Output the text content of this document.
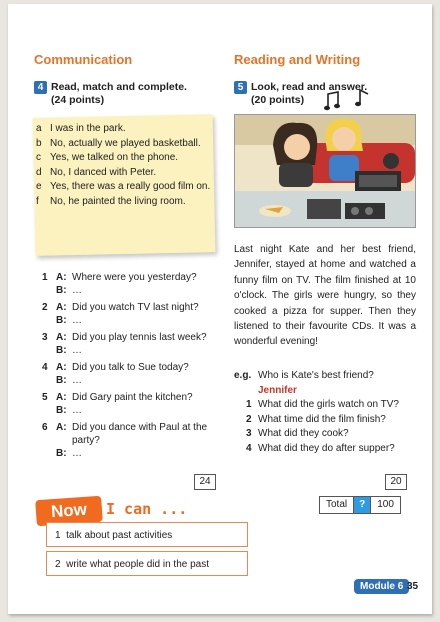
Communication
4 Read, match and complete.
(24 points)
a I was in the park.
b No, actually we played basketball.
c Yes, we talked on the phone.
d No, I danced with Peter.
e Yes, there was a really good film on.
f No, he painted the living room.
1 A: Where were you yesterday?
B: …
2 A: Did you watch TV last night?
B: …
3 A: Did you play tennis last week?
B: …
4 A: Did you talk to Sue today?
B: …
5 A: Did Gary paint the kitchen?
B: …
6 A: Did you dance with Paul at the party?
B: …
24
Now	I can ...
1 talk about past activities
2 write what people did in the past
Reading and Writing
5 Look, read and answer.
(20 points)
Last night Kate and her best friend, Jennifer, stayed at home and watched a funny film on TV. The film finished at 10 o'clock. The girls were hungry, so they cooked a pizza for supper. Then they listened to their favourite CDs. It was a wonderful evening!
e.g. Who is Kate's best friend?
Jennifer
1 What did the girls watch on TV?
2 What time did the film finish?
3 What did they cook?
4 What did they do after supper?
20
Total	?	100
Module 6 35
